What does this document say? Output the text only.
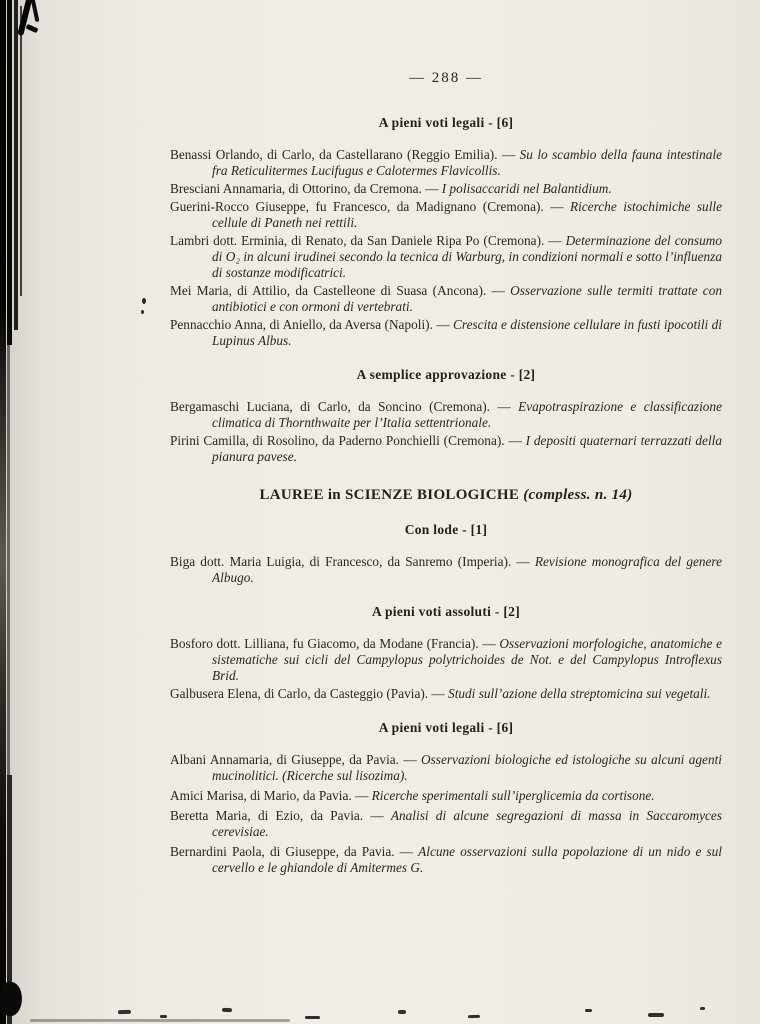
— 288 —

A pieni voti legali - [6]

Benassi Orlando, di Carlo, da Castellarano (Reggio Emilia). — Su lo scambio della fauna intestinale fra Reticulitermes Lucifugus e Calotermes Flavicollis.

Bresciani Annamaria, di Ottorino, da Cremona. — I polisaccaridi nel Balantidium.

Guerini-Rocco Giuseppe, fu Francesco, da Madignano (Cremona). — Ricerche istochimiche sulle cellule di Paneth nei rettili.

Lambri dott. Erminia, di Renato, da San Daniele Ripa Po (Cremona). — Determinazione del consumo di O₂ in alcuni irudinei secondo la tecnica di Warburg, in condizioni normali e sotto l’influenza di sostanze modificatrici.

Mei Maria, di Attilio, da Castelleone di Suasa (Ancona). — Osservazione sulle termiti trattate con antibiotici e con ormoni di vertebrati.

Pennacchio Anna, di Aniello, da Aversa (Napoli). — Crescita e distensione cellulare in fusti ipocotili di Lupinus Albus.

A semplice approvazione - [2]

Bergamaschi Luciana, di Carlo, da Soncino (Cremona). — Evapotraspirazione e classificazione climatica di Thornthwaite per l’Italia settentrionale.

Pirini Camilla, di Rosolino, da Paderno Ponchielli (Cremona). — I depositi quaternari terrazzati della pianura pavese.

LAUREE in SCIENZE BIOLOGICHE (compless. n. 14)
Con lode - [1]

Biga dott. Maria Luigia, di Francesco, da Sanremo (Imperia). — Revisione monografica del genere Albugo.

A pieni voti assoluti - [2]

Bosforo dott. Lilliana, fu Giacomo, da Modane (Francia). — Osservazioni morfologiche, anatomiche e sistematiche sui cicli del Campylopus polytrichoides de Not. e del Campylopus Introflexus Brid.

Galbusera Elena, di Carlo, da Casteggio (Pavia). — Studi sull’azione della streptomicina sui vegetali.

A pieni voti legali - [6]

Albani Annamaria, di Giuseppe, da Pavia. — Osservazioni biologiche ed istologiche su alcuni agenti mucinolitici. (Ricerche sul lisozima).

Amici Marisa, di Mario, da Pavia. — Ricerche sperimentali sull’iperglicemia da cortisone.

Beretta Maria, di Ezio, da Pavia. — Analisi di alcune segregazioni di massa in Saccaromyces cerevisiae.

Bernardini Paola, di Giuseppe, da Pavia. — Alcune osservazioni sulla popolazione di un nido e sul cervello e le ghiandole di Amitermes G.
